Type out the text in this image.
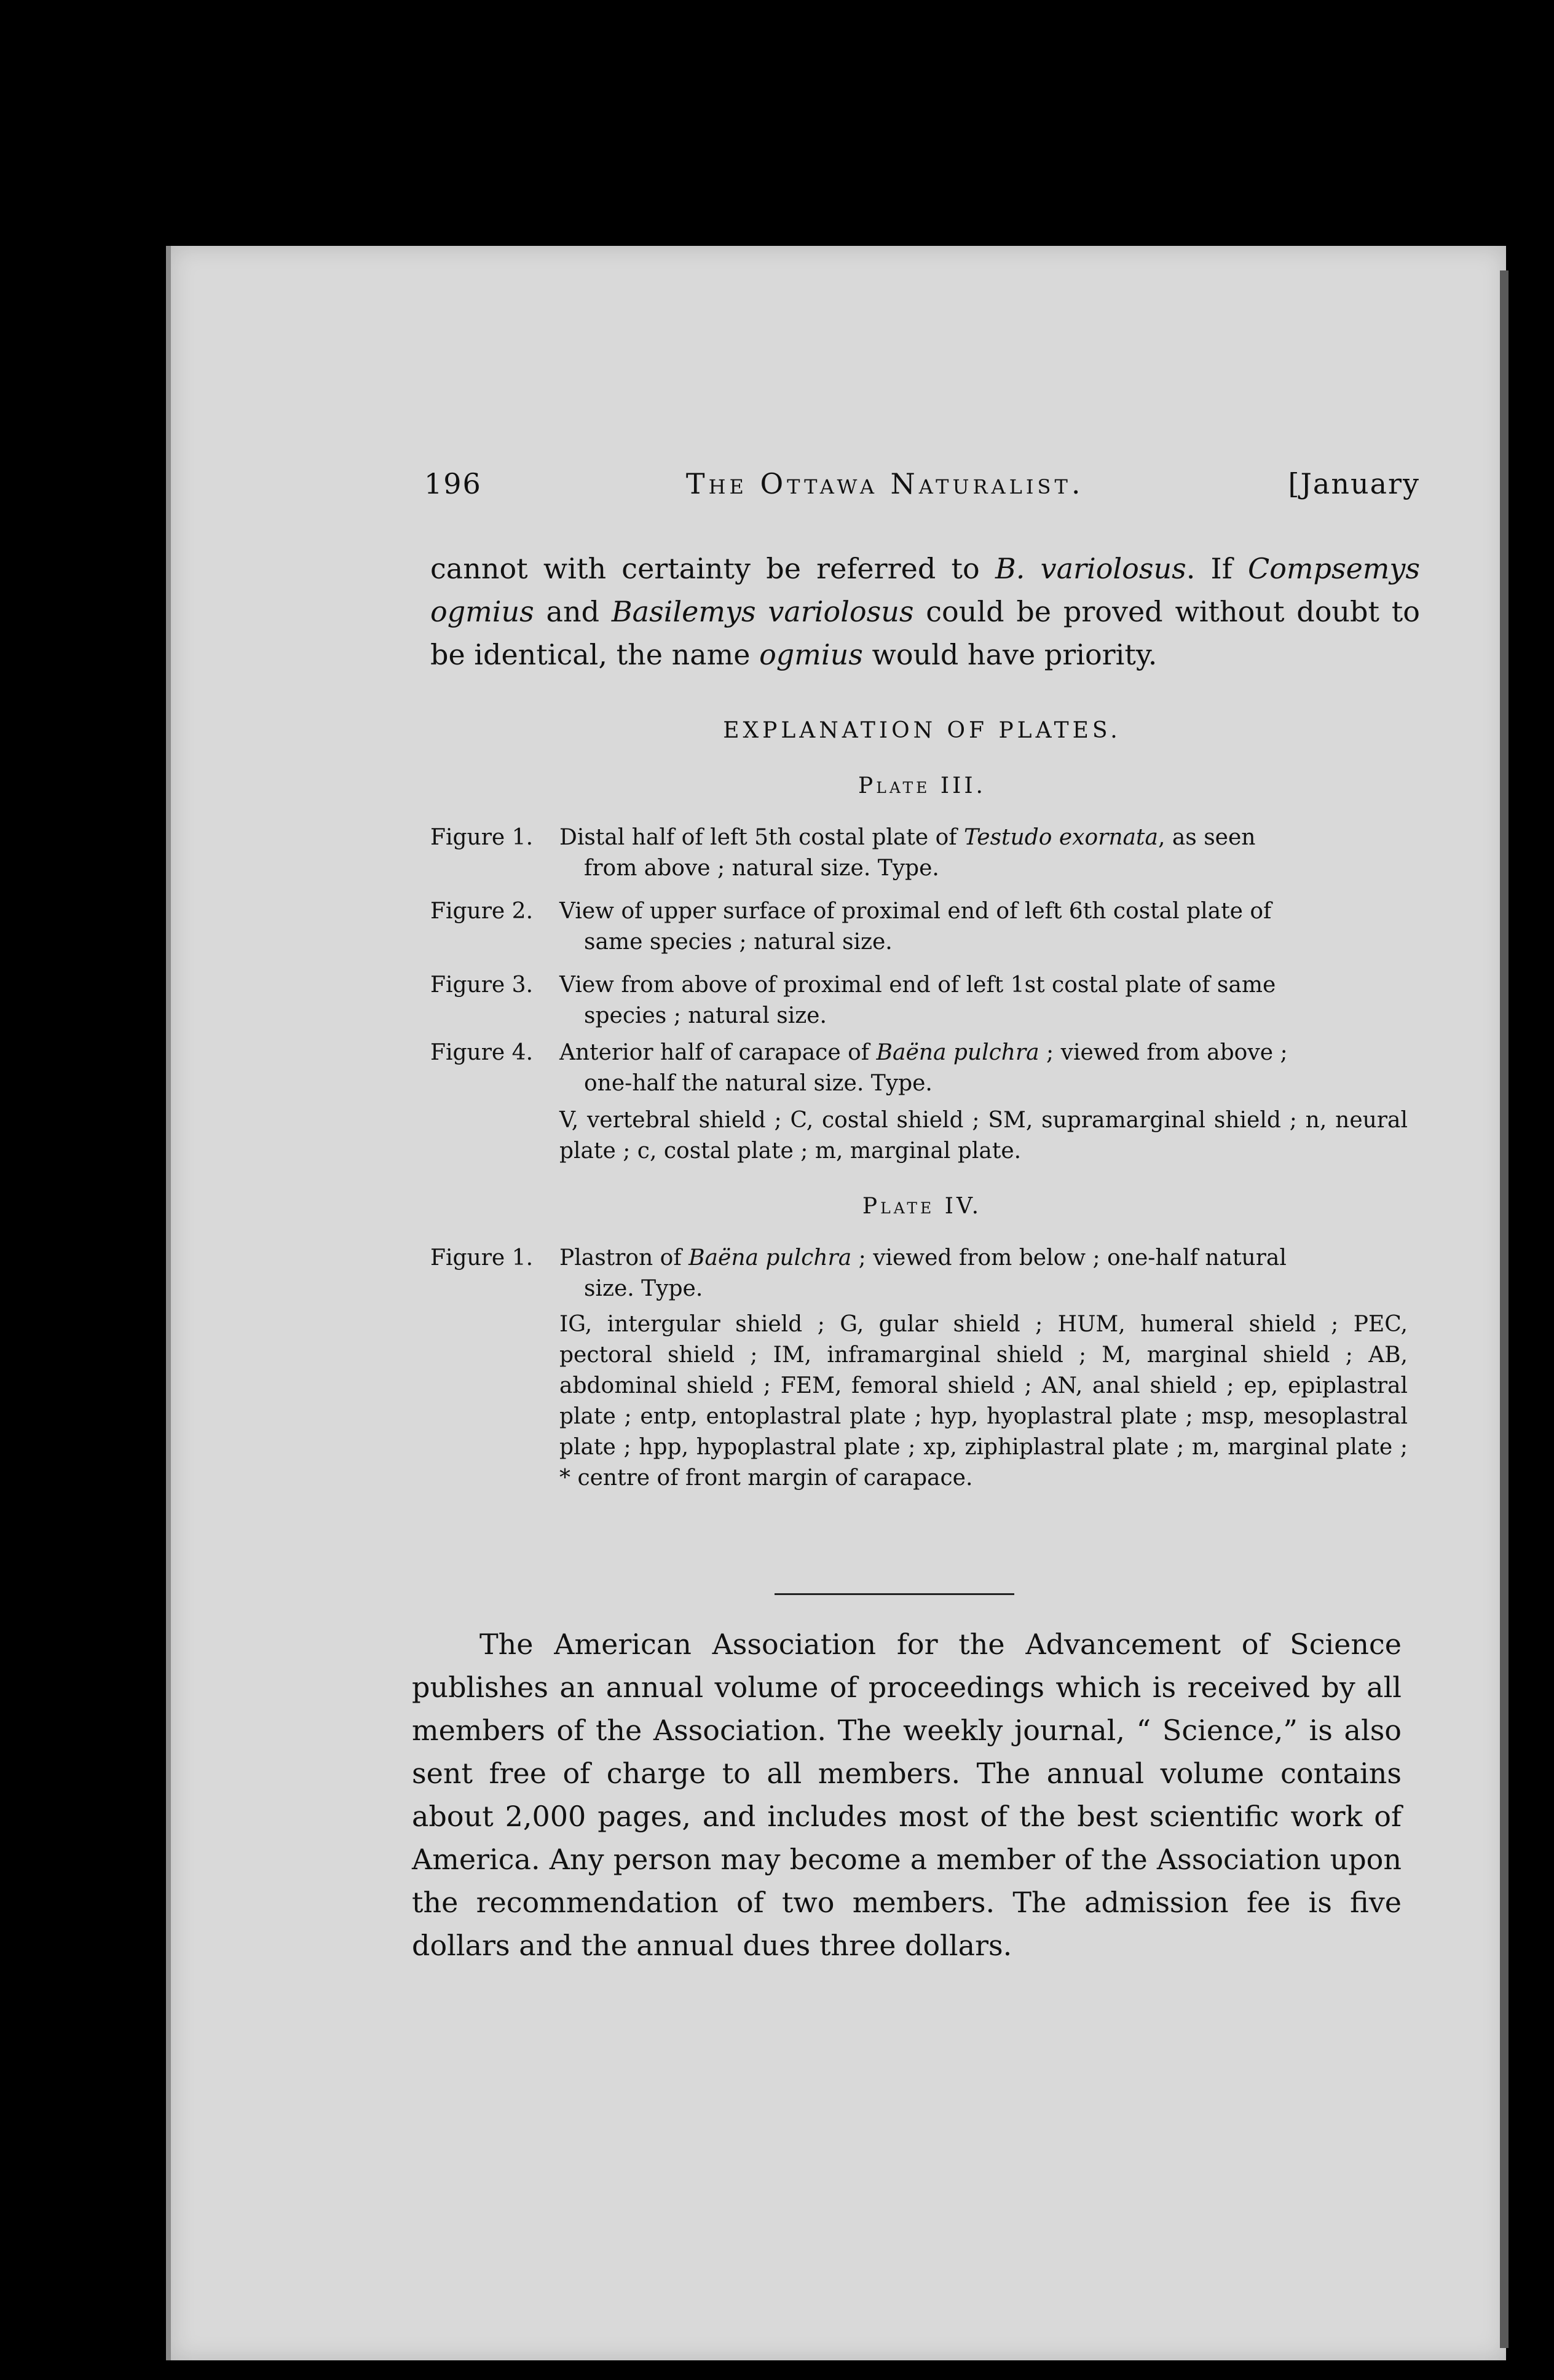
196	The Ottawa Naturalist.	[January
cannot with certainty be referred to B. variolosus. If Compsemys ogmius and Basilemys variolosus could be proved without doubt to be identical, the name ogmius would have priority.
EXPLANATION OF PLATES.
Plate III.
Figure 1.	Distal half of left 5th costal plate of Testudo exornata, as seen
from above ; natural size. Type.
Figure 2.	View of upper surface of proximal end of left 6th costal plate of
same species ; natural size.
Figure 3.	View from above of proximal end of left 1st costal plate of same
species ; natural size.
Figure 4.	Anterior half of carapace of Baëna pulchra ; viewed from above ;
one-half the natural size. Type.
V, vertebral shield ; C, costal shield ; SM, supramarginal shield ; n, neural plate ; c, costal plate ; m, marginal plate.
Plate IV.
Figure 1.	Plastron of Baëna pulchra ; viewed from below ; one-half natural
size. Type.
IG, intergular shield ; G, gular shield ; HUM, humeral shield ; PEC, pectoral shield ; IM, inframarginal shield ; M, marginal shield ; AB, abdominal shield ; FEM, femoral shield ; AN, anal shield ; ep, epiplastral plate ; entp, entoplastral plate ; hyp, hyoplastral plate ; msp, mesoplastral plate ; hpp, hypoplastral plate ; xp, ziphiplastral plate ; m, marginal plate ; * centre of front margin of carapace.
The American Association for the Advancement of Science publishes an annual volume of proceedings which is received by all members of the Association. The weekly journal, “ Science,” is also sent free of charge to all members. The annual volume contains about 2,000 pages, and includes most of the best scientific work of America. Any person may become a member of the Association upon the recommendation of two members. The admission fee is five dollars and the annual dues three dollars.
